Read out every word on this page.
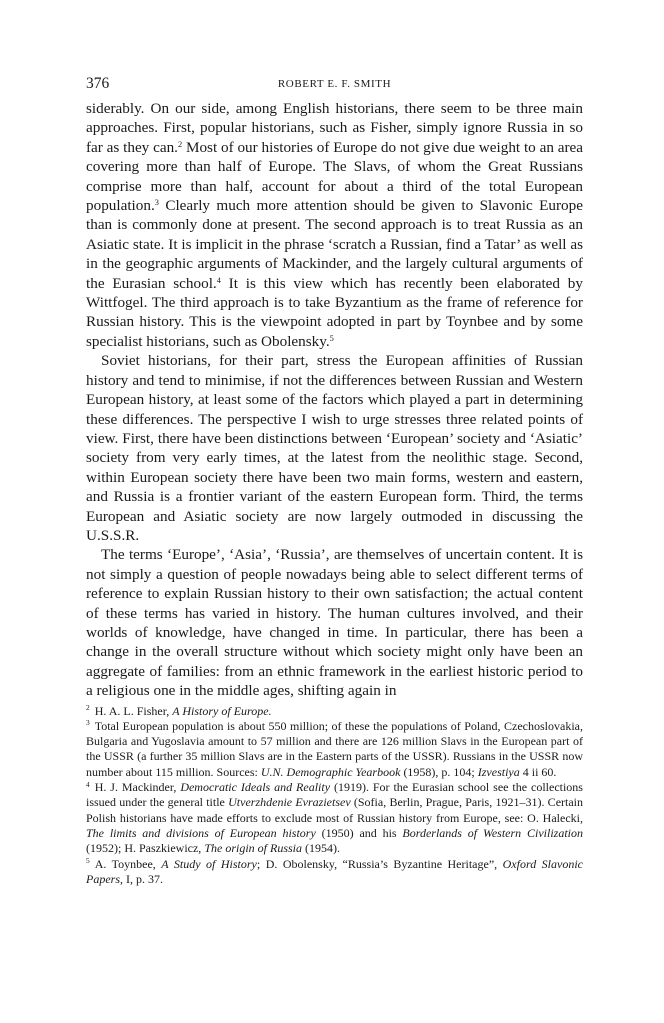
376	ROBERT E. F. SMITH

siderably. On our side, among English historians, there seem to be three main approaches. First, popular historians, such as Fisher, simply ignore Russia in so far as they can.$^2$ Most of our histories of Europe do not give due weight to an area covering more than half of Europe. The Slavs, of whom the Great Russians comprise more than half, account for about a third of the total European population.$^3$ Clearly much more attention should be given to Slavonic Europe than is commonly done at present. The second approach is to treat Russia as an Asiatic state. It is implicit in the phrase ‘scratch a Russian, find a Tatar’ as well as in the geographic arguments of Mackinder, and the largely cultural arguments of the Eurasian school.$^4$ It is this view which has recently been elaborated by Wittfogel. The third approach is to take Byzantium as the frame of reference for Russian history. This is the viewpoint adopted in part by Toynbee and by some specialist historians, such as Obolensky.$^5$

Soviet historians, for their part, stress the European affinities of Russian history and tend to minimise, if not the differences between Russian and Western European history, at least some of the factors which played a part in determining these differences. The perspective I wish to urge stresses three related points of view. First, there have been distinctions between ‘European’ society and ‘Asiatic’ society from very early times, at the latest from the neolithic stage. Second, within European society there have been two main forms, western and eastern, and Russia is a frontier variant of the eastern European form. Third, the terms European and Asiatic society are now largely outmoded in discussing the U.S.S.R.

The terms ‘Europe’, ‘Asia’, ‘Russia’, are themselves of uncertain content. It is not simply a question of people nowadays being able to select different terms of reference to explain Russian history to their own satisfaction; the actual content of these terms has varied in history. The human cultures involved, and their worlds of knowledge, have changed in time. In particular, there has been a change in the overall structure without which society might only have been an aggregate of families: from an ethnic framework in the earliest historic period to a religious one in the middle ages, shifting again in

$^2$ H. A. L. Fisher, A History of Europe.

$^3$ Total European population is about 550 million; of these the populations of Poland, Czechoslovakia, Bulgaria and Yugoslavia amount to 57 million and there are 126 million Slavs in the European part of the USSR (a further 35 million Slavs are in the Eastern parts of the USSR). Russians in the USSR now number about 115 million. Sources: U.N. Demographic Yearbook (1958), p. 104; Izvestiya 4 ii 60.

$^4$ H. J. Mackinder, Democratic Ideals and Reality (1919). For the Eurasian school see the collections issued under the general title Utverzhdenie Evrazietsev (Sofia, Berlin, Prague, Paris, 1921–31). Certain Polish historians have made efforts to exclude most of Russian history from Europe, see: O. Halecki, The limits and divisions of European history (1950) and his Borderlands of Western Civilization (1952); H. Paszkiewicz, The origin of Russia (1954).

$^5$ A. Toynbee, A Study of History; D. Obolensky, “Russia’s Byzantine Heritage”, Oxford Slavonic Papers, I, p. 37.
